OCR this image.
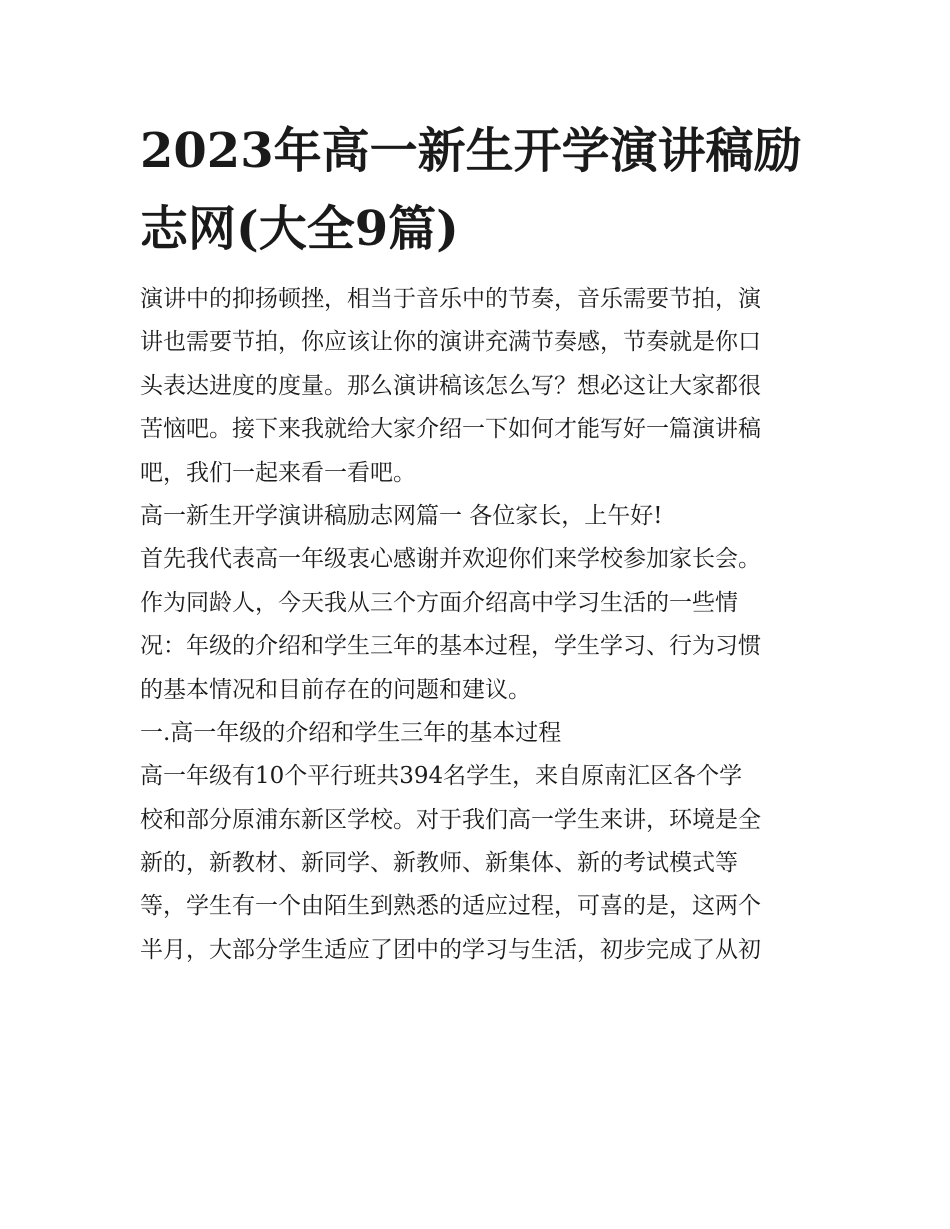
2023年高一新生开学演讲稿励
志网(大全9篇)
演讲中的抑扬顿挫，相当于音乐中的节奏，音乐需要节拍，演
讲也需要节拍，你应该让你的演讲充满节奏感，节奏就是你口
头表达进度的度量。那么演讲稿该怎么写？想必这让大家都很
苦恼吧。接下来我就给大家介绍一下如何才能写好一篇演讲稿
吧，我们一起来看一看吧。
高一新生开学演讲稿励志网篇一 各位家长，上午好!
首先我代表高一年级衷心感谢并欢迎你们来学校参加家长会。
作为同龄人，今天我从三个方面介绍高中学习生活的一些情
况：年级的介绍和学生三年的基本过程，学生学习、行为习惯
的基本情况和目前存在的问题和建议。
一.高一年级的介绍和学生三年的基本过程
高一年级有10个平行班共394名学生，来自原南汇区各个学
校和部分原浦东新区学校。对于我们高一学生来讲，环境是全
新的，新教材、新同学、新教师、新集体、新的考试模式等
等，学生有一个由陌生到熟悉的适应过程，可喜的是，这两个
半月，大部分学生适应了团中的学习与生活，初步完成了从初
